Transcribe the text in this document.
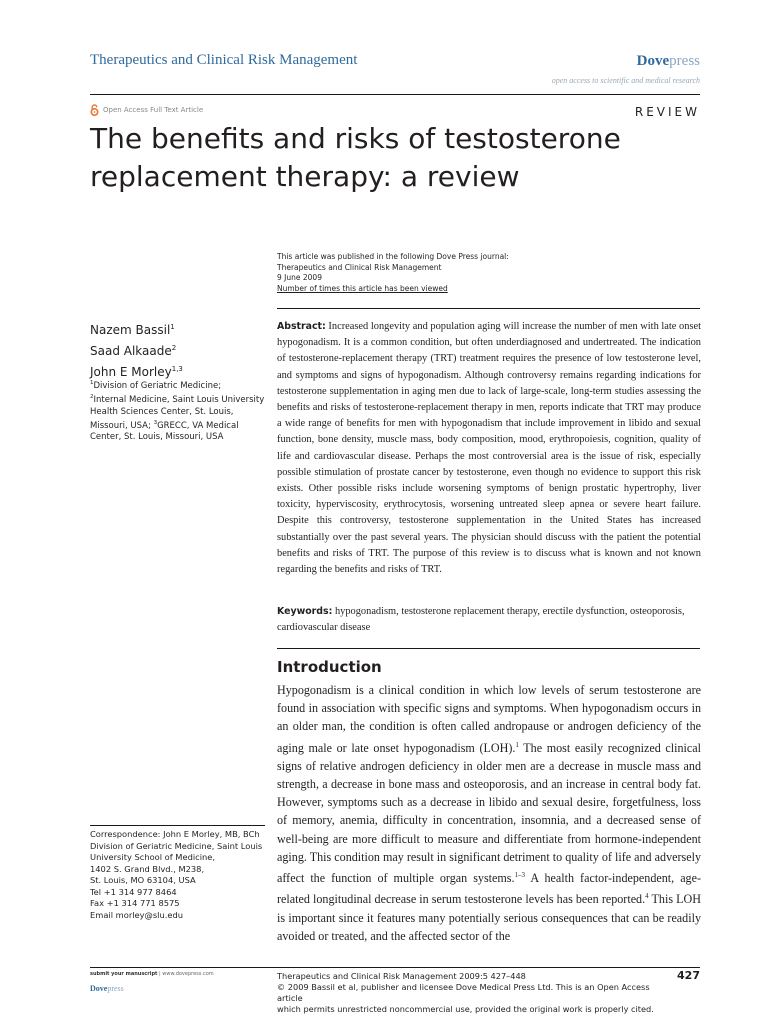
Therapeutics and Clinical Risk Management	Dovepress
open access to scientific and medical research
Open Access Full Text Article	REVIEW
The benefits and risks of testosterone
replacement therapy: a review
This article was published in the following Dove Press journal:
Therapeutics and Clinical Risk Management
9 June 2009
Number of times this article has been viewed
Nazem Bassil$^1$
Saad Alkaade$^2$
John E Morley$^{1,3}$
$^1$Division of Geriatric Medicine;
$^2$Internal Medicine, Saint Louis University Health Sciences Center, St. Louis, Missouri, USA; $^3$GRECC, VA Medical Center, St. Louis, Missouri, USA
Abstract: Increased longevity and population aging will increase the number of men with late onset hypogonadism. It is a common condition, but often underdiagnosed and undertreated. The indication of testosterone-replacement therapy (TRT) treatment requires the presence of low testosterone level, and symptoms and signs of hypogonadism. Although controversy remains regarding indications for testosterone supplementation in aging men due to lack of large-scale, long-term studies assessing the benefits and risks of testosterone-replacement therapy in men, reports indicate that TRT may produce a wide range of benefits for men with hypogonadism that include improvement in libido and sexual function, bone density, muscle mass, body composition, mood, erythropoiesis, cognition, quality of life and cardiovascular disease. Perhaps the most controversial area is the issue of risk, especially possible stimulation of prostate cancer by testosterone, even though no evidence to support this risk exists. Other possible risks include worsening symptoms of benign prostatic hypertrophy, liver toxicity, hyperviscosity, erythrocytosis, worsening untreated sleep apnea or severe heart failure. Despite this controversy, testosterone supplementation in the United States has increased substantially over the past several years. The physician should discuss with the patient the potential benefits and risks of TRT. The purpose of this review is to discuss what is known and not known regarding the benefits and risks of TRT.
Keywords: hypogonadism, testosterone replacement therapy, erectile dysfunction, osteoporosis, cardiovascular disease
Introduction
Hypogonadism is a clinical condition in which low levels of serum testosterone are found in association with specific signs and symptoms. When hypogonadism occurs in an older man, the condition is often called andropause or androgen deficiency of the aging male or late onset hypogonadism (LOH).$^1$ The most easily recognized clinical signs of relative androgen deficiency in older men are a decrease in muscle mass and strength, a decrease in bone mass and osteoporosis, and an increase in central body fat. However, symptoms such as a decrease in libido and sexual desire, forgetfulness, loss of memory, anemia, difficulty in concentration, insomnia, and a decreased sense of well-being are more difficult to measure and differentiate from hormone-independent aging. This condition may result in significant detriment to quality of life and adversely affect the function of multiple organ systems.$^{1-3}$ A health factor-independent, age-related longitudinal decrease in serum testosterone levels has been reported.$^4$ This LOH is important since it features many potentially serious consequences that can be readily avoided or treated, and the affected sector of the
Correspondence: John E Morley, MB, BCh
Division of Geriatric Medicine, Saint Louis
University School of Medicine,
1402 S. Grand Blvd., M238,
St. Louis, MO 63104, USA
Tel +1 314 977 8464
Fax +1 314 771 8575
Email morley@slu.edu
submit your manuscript | www.dovepress.com
Dovepress
Therapeutics and Clinical Risk Management 2009:5 427–448
© 2009 Bassil et al, publisher and licensee Dove Medical Press Ltd. This is an Open Access article
which permits unrestricted noncommercial use, provided the original work is properly cited.
427
